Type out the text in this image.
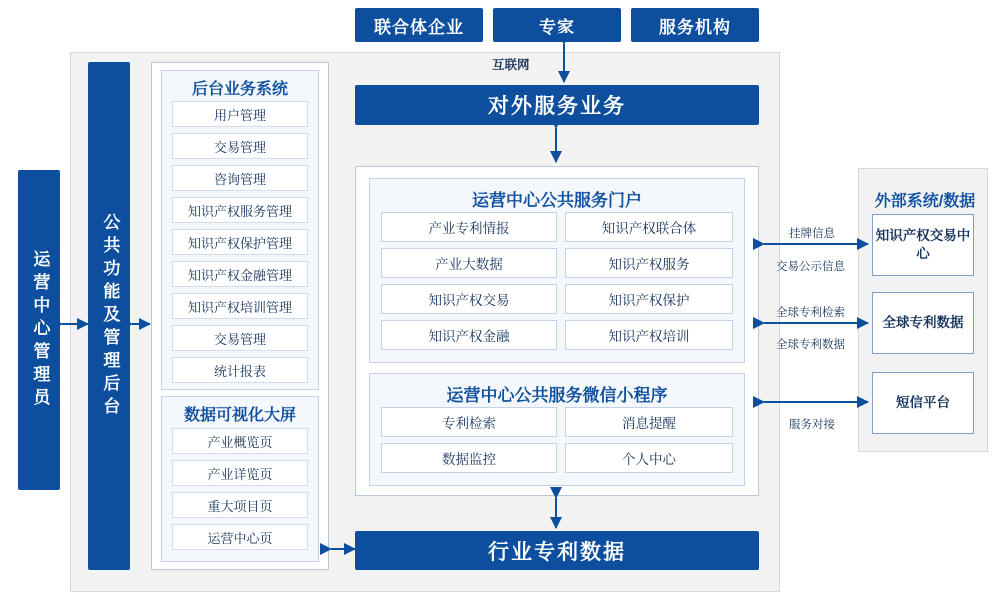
联合体企业	专家	服务机构
互联网
对外服务业务
运营中心管理员	公共功能及管理后台
后台业务系统
用户管理
交易管理
咨询管理
知识产权服务管理
知识产权保护管理
知识产权金融管理
知识产权培训管理
交易管理
统计报表
数据可视化大屏
产业概览页
产业详览页
重大项目页
运营中心页
运营中心公共服务门户
产业专利情报	知识产权联合体
产业大数据	知识产权服务
知识产权交易	知识产权保护
知识产权金融	知识产权培训
运营中心公共服务微信小程序
专利检索	消息提醒
数据监控	个人中心
行业专利数据
外部系统/数据
知识产权交易中心
全球专利数据
短信平台
挂牌信息
交易公示信息
全球专利检索
全球专利数据
服务对接
